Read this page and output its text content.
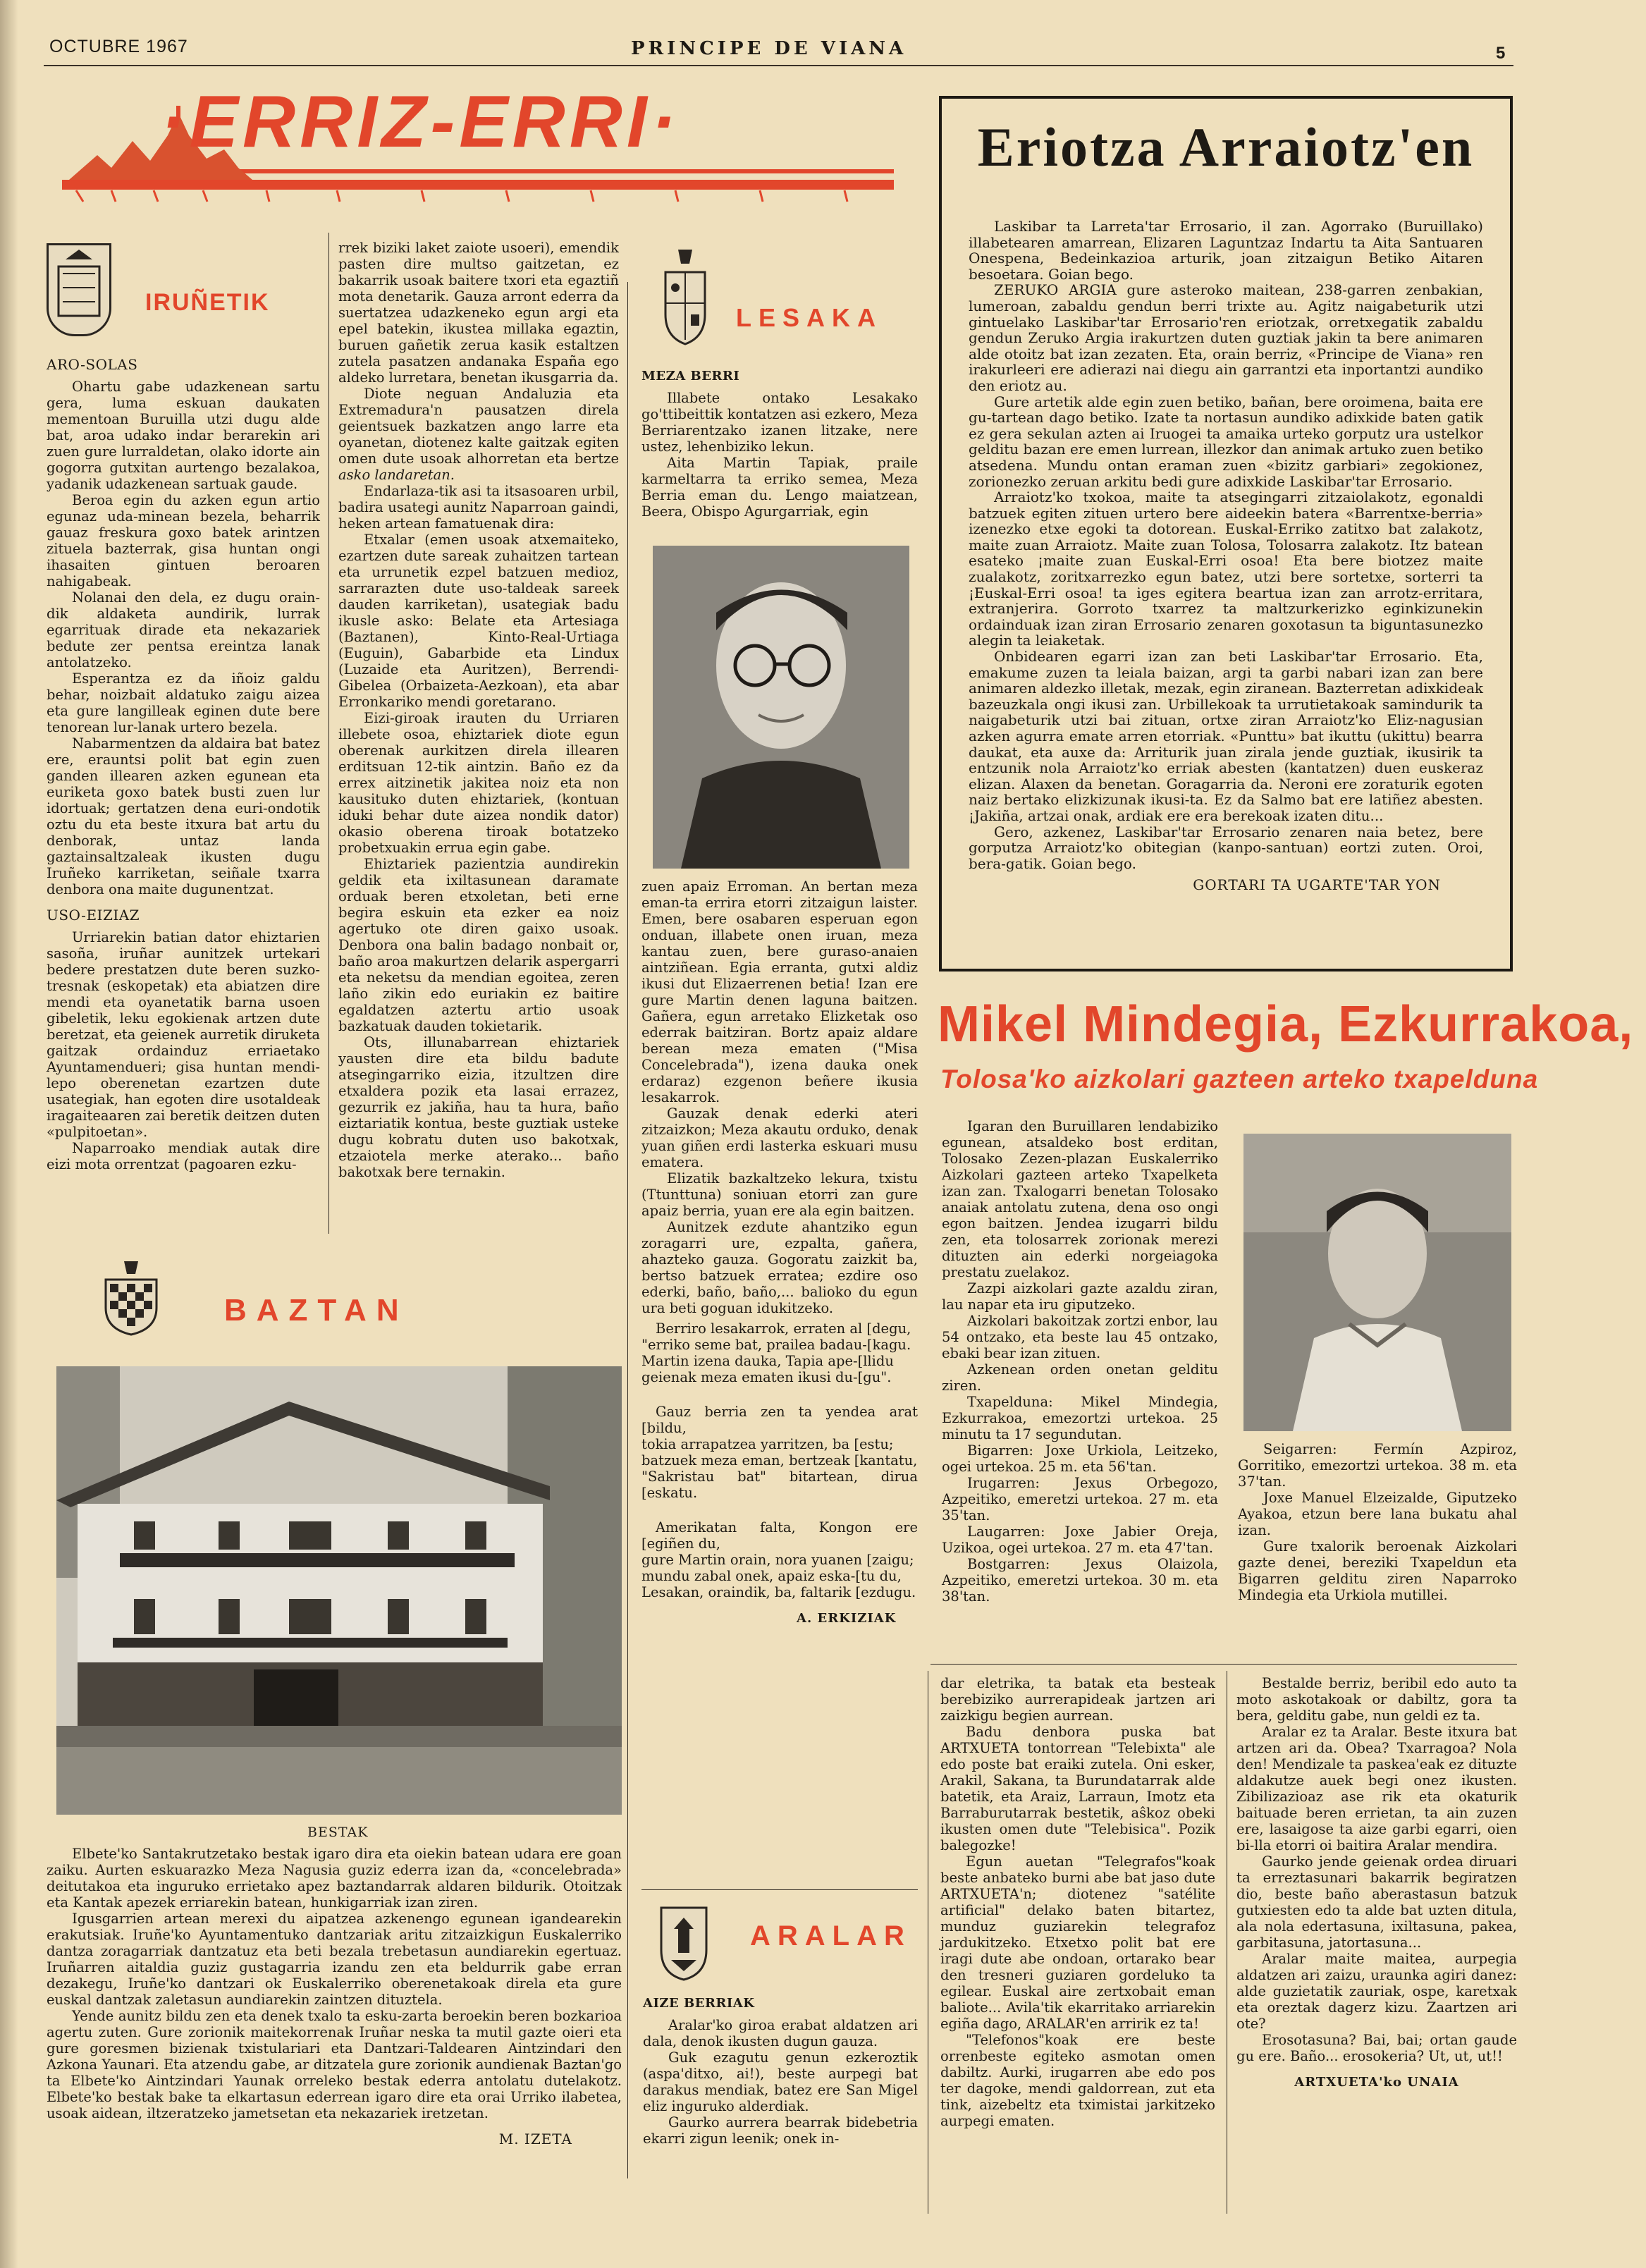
OCTUBRE 1967	PRINCIPE DE VIANA	5
·ERRIZ-ERRI·
IRUÑETIK

ARO-SOLAS

Ohartu gabe udazkenean sartu gera, luma eskuan daukaten mementoan Buruilla utzi dugu alde bat, aroa udako indar berarekin ari zuen gure lurraldetan, olako idorte ain gogorra gutxitan aurtengo bezalakoa, yadanik udazkenean sartuak gaude.

Beroa egin du azken egun artio egunaz uda-minean bezela, beharrik gauaz freskura goxo batek arintzen zituela bazterrak, gisa huntan ongi ihasaiten gintuen beroaren nahigabeak.

Nolanai den dela, ez dugu orain-dik aldaketa aundirik, lurrak egarrituak dirade eta nekazariek bedute zer pentsa ereintza lanak antolatzeko.

Esperantza ez da iñoiz galdu behar, noizbait aldatuko zaigu aizea eta gure langilleak eginen dute bere tenorean lur-lanak urtero bezela.

Nabarmentzen da aldaira bat batez ere, erauntsi polit bat egin zuen ganden illearen azken egunean eta euriketa goxo batek busti zuen lur idortuak; gertatzen dena euri-ondotik oztu du eta beste itxura bat artu du denborak, untaz landa gaztainsaltzaleak ikusten dugu Iruñeko karriketan, seiñale txarra denbora ona maite dugunentzat.

USO-EIZIAZ

Urriarekin batian dator ehiztarien sasoña, iruñar aunitzek urtekari bedere prestatzen dute beren suzko-tresnak (eskopetak) eta abiatzen dire mendi eta oyanetatik barna usoen gibeletik, leku egokienak artzen dute beretzat, eta geienek aurretik diruketa gaitzak ordainduz erriaetako Ayuntamendueri; gisa huntan mendi-lepo oberenetan ezartzen dute usategiak, han egoten dire usotaldeak iragaiteaaren zai beretik deitzen duten «pulpitoetan».

Naparroako mendiak autak dire eizi mota orrentzat (pagoaren ezku-

rrek biziki laket zaiote usoeri), emendik pasten dire multso gaitzetan, ez bakarrik usoak baitere txori eta egaztiñ mota denetarik. Gauza arront ederra da suertatzea udazkeneko egun argi eta epel batekin, ikustea millaka egaztin, buruen gañetik zerua kasik estaltzen zutela pasatzen andanaka España ego aldeko lurretara, benetan ikusgarria da.

Diote neguan Andaluzia eta Extremadura'n pausatzen direla geientsuek bazkatzen ango larre eta oyanetan, diotenez kalte gaitzak egiten omen dute usoak alhorretan eta bertze asko landaretan.

Endarlaza-tik asi ta itsasoaren urbil, badira usategi aunitz Naparroan gaindi, heken artean famatuenak dira:

Etxalar (emen usoak atxemaiteko, ezartzen dute sareak zuhaitzen tartean eta urrunetik ezpel batzuen medioz, sarrarazten dute uso-taldeak sareek dauden karriketan), usategiak badu ikusle asko: Belate eta Artesiaga (Baztanen), Kinto-Real-Urtiaga (Euguin), Gabarbide eta Lindux (Luzaide eta Auritzen), Berrendi-Gibelea (Orbaizeta-Aezkoan), eta abar Erronkariko mendi goretarano.

Eizi-giroak irauten du Urriaren illebete osoa, ehiztariek diote egun oberenak aurkitzen direla illearen erditsuan 12-tik aintzin. Baño ez da errex aitzinetik jakitea noiz eta non kausituko duten ehiztariek, (kontuan iduki behar dute aizea nondik dator) okasio oberena tiroak botatzeko probetxuakin errua egin gabe.

Ehiztariek pazientzia aundirekin geldik eta ixiltasunean daramate orduak beren etxoletan, beti erne begira eskuin eta ezker ea noiz agertuko ote diren gaixo usoak. Denbora ona balin badago nonbait or, baño aroa makurtzen delarik aspergarri eta neketsu da mendian egoitea, zeren laño zikin edo euriakin ez baitire egaldatzen aztertu artio usoak bazkatuak dauden tokietarik.

Ots, illunabarrean ehiztariek yausten dire eta bildu badute atsegingarriko eizia, itzultzen dire etxaldera pozik eta lasai errazez, gezurrik ez jakiña, hau ta hura, baño eiztariatik kontua, beste guztiak usteke dugu kobratu duten uso bakotxak, etzaiotela merke aterako... baño bakotxak bere ternakin.

BAZTAN
BESTAK

Elbete'ko Santakrutzetako bestak igaro dira eta oiekin batean udara ere goan zaiku. Aurten eskuarazko Meza Nagusia guziz ederra izan da, «concelebrada» deitutakoa eta inguruko errietako apez baztandarrak aldaren bildurik. Otoitzak eta Kantak apezek erriarekin batean, hunkigarriak izan ziren.

Igusgarrien artean merexi du aipatzea azkenengo egunean igandearekin erakutsiak. Iruñe'ko Ayuntamentuko dantzariak aritu zitzaizkigun Euskalerriko dantza zoragarriak dantzatuz eta beti bezala trebetasun aundiarekin egertuaz. Iruñarren aitaldia guziz gustagarria izandu zen eta beldurrik gabe erran dezakegu, Iruñe'ko dantzari ok Euskalerriko oberenetakoak direla eta gure euskal dantzak zaletasun aundiarekin zaintzen dituztela.

Yende aunitz bildu zen eta denek txalo ta esku-zarta beroekin beren bozkarioa agertu zuten. Gure zorionik maitekorrenak Iruñar neska ta mutil gazte oieri eta gure goresmen bizienak txistulariari eta Dantzari-Taldearen Aintzindari den Azkona Yaunari. Eta atzendu gabe, ar ditzatela gure zorionik aundienak Baztan'go ta Elbete'ko Aintzindari Yaunak orreleko bestak ederra antolatu dutelakotz. Elbete'ko bestak bake ta elkartasun ederrean igaro dire eta orai Urriko ilabetea, usoak aidean, iltzeratzeko jametsetan eta nekazariek iretzetan.

M. IZETA

LESAKA

MEZA BERRI

Illabete ontako Lesakako go'ttibeittik kontatzen asi ezkero, Meza Berriarentzako izanen litzake, nere ustez, lehenbiziko lekun.

Aita Martin Tapiak, praile karmeltarra ta erriko semea, Meza Berria eman du. Lengo maiatzean, Beera, Obispo Agurgarriak, egin

zuen apaiz Erroman. An bertan meza eman-ta errira etorri zitzaigun laister. Emen, bere osabaren esperuan egon onduan, illabete onen iruan, meza kantau zuen, bere guraso-anaien aintziñean. Egia erranta, gutxi aldiz ikusi dut Elizaerrenen betia! Izan ere gure Martin denen laguna baitzen. Gañera, egun arretako Elizketak oso ederrak baitziran. Bortz apaiz aldare berean meza ematen ("Misa Concelebrada"), izena dauka onek erdaraz) ezgenon beñere ikusia lesakarrok.

Gauzak denak ederki ateri zitzaizkon; Meza akautu orduko, denak yuan giñen erdi lasterka eskuari musu ematera.

Elizatik bazkaltzeko lekura, txistu (Ttunttuna) soniuan etorri zan gure apaiz berria, yuan ere ala egin baitzen.

Aunitzek ezdute ahantziko egun zoragarri ure, ezpalta, gañera, ahazteko gauza. Gogoratu zaizkit ba, bertso batzuek erratea; ezdire oso ederki, baño, baño,... balioko du egun ura beti goguan idukitzeko.

Berriro lesakarrok, erraten al [degu,

"erriko seme bat, prailea badau-[kagu.

Martin izena dauka, Tapia ape-[llidu

geienak meza ematen ikusi du-[gu".

Gauz berria zen ta yendea arat [bildu,

tokia arrapatzea yarritzen, ba [estu;

batzuek meza eman, bertzeak [kantatu,

"Sakristau bat" bitartean, dirua [eskatu.

Amerikatan falta, Kongon ere [egiñen du,

gure Martin orain, nora yuanen [zaigu;

mundu zabal onek, apaiz eska-[tu du,

Lesakan, oraindik, ba, faltarik [ezdugu.

A. ERKIZIAK

ARALAR

AIZE BERRIAK

Aralar'ko giroa erabat aldatzen ari dala, denok ikusten dugun gauza.

Guk ezagutu genun ezkeroztik (aspa'ditxo, ai!), beste aurpegi bat darakus mendiak, batez ere San Migel eliz inguruko alderdiak.

Gaurko aurrera bearrak bidebetria ekarri zigun leenik; onek in-

dar eletrika, ta batak eta besteak berebiziko aurrerapideak jartzen ari zaizkigu begien aurrean.

Badu denbora puska bat ARTXUETA tontorrean "Telebixta" ale edo poste bat eraiki zutela. Oni esker, Arakil, Sakana, ta Burundatarrak alde batetik, eta Araiz, Larraun, Imotz eta Barraburutarrak bestetik, aŝkoz obeki ikusten omen dute "Telebisica". Pozik balegozke!

Egun auetan "Telegrafos"koak beste anbateko burni abe bat jaso dute ARTXUETA'n; diotenez "satélite artificial" delako baten bitartez, munduz guziarekin telegrafoz jardukitzeko. Etxetxo polit bat ere iragi dute abe ondoan, ortarako bear den tresneri guziaren gordeluko ta egilear. Euskal aire zertxobait eman baliote... Avila'tik ekarritako arriarekin egiña dago, ARALAR'en arririk ez ta!

"Telefonos"koak ere beste orrenbeste egiteko asmotan omen dabiltz. Aurki, irugarren abe edo pos ter dagoke, mendi galdorrean, zut eta tink, aizebeltz eta tximistai jarkitzeko aurpegi ematen.

Bestalde berriz, beribil edo auto ta moto askotakoak or dabiltz, gora ta bera, gelditu gabe, nun geldi ez ta.

Aralar ez ta Aralar. Beste itxura bat artzen ari da. Obea? Txarragoa? Nola den! Mendizale ta paskea'eak ez dituzte aldakutze auek begi onez ikusten. Zibilizazioaz ase rik eta okaturik baituade beren errietan, ta ain zuzen ere, lasaigose ta aize garbi egarri, oien bi-lla etorri oi baitira Aralar mendira.

Gaurko jende geienak ordea diruari ta erreztasunari bakarrik begiratzen dio, beste baño aberastasun batzuk gutxiesten edo ta alde bat uzten ditula, ala nola edertasuna, ixiltasuna, pakea, garbitasuna, jatortasuna...

Aralar maite maitea, aurpegia aldatzen ari zaizu, uraunka agiri danez: alde guzietatik zauriak, ospe, karetxak eta oreztak dagerz kizu. Zaartzen ari ote?

Erosotasuna? Bai, bai; ortan gaude gu ere. Baño... erosokeria? Ut, ut, ut!!

ARTXUETA'ko UNAIA

Eriotza Arraiotz'en

Laskibar ta Larreta'tar Errosario, il zan. Agorrako (Buruillako) illabetearen amarrean, Elizaren Laguntzaz Indartu ta Aita Santuaren Onespena, Bedeinkazioa arturik, joan zitzaigun Betiko Aitaren besoetara. Goian bego.

ZERUKO ARGIA gure asteroko maitean, 238-garren zenbakian, lumeroan, zabaldu gendun berri trixte au. Agitz naigabeturik utzi gintuelako Laskibar'tar Errosario'ren eriotzak, orretxegatik zabaldu gendun Zeruko Argia irakurtzen duten guztiak jakin ta bere animaren alde otoitz bat izan zezaten. Eta, orain berriz, «Principe de Viana» ren irakurleeri ere adierazi nai diegu ain garrantzi eta inportantzi aundiko den eriotz au.

Gure artetik alde egin zuen betiko, bañan, bere oroimena, baita ere gu-tartean dago betiko. Izate ta nortasun aundiko adixkide baten gatik ez gera sekulan azten ai Iruogei ta amaika urteko gorputz ura ustelkor gelditu bazan ere emen lurrean, illezkor dan animak artuko zuen betiko atsedena. Mundu ontan eraman zuen «bizitz garbiari» zegokionez, zorionezko zeruan arkitu bedi gure adixkide Laskibar'tar Errosario.

Arraiotz'ko txokoa, maite ta atsegingarri zitzaiolakotz, egonaldi batzuek egiten zituen urtero bere aideekin batera «Barrentxe-berria» izenezko etxe egoki ta dotorean. Euskal-Erriko zatitxo bat zalakotz, maite zuan Arraiotz. Maite zuan Tolosa, Tolosarra zalakotz. Itz batean esateko ¡maite zuan Euskal-Erri osoa! Eta bere biotzez maite zualakotz, zoritxarrezko egun batez, utzi bere sortetxe, sorterri ta ¡Euskal-Erri osoa! ta iges egitera beartua izan zan arrotz-erritara, extranjerira. Gorroto txarrez ta maltzurkerizko eginkizunekin ordainduak izan ziran Errosario zenaren goxotasun ta biguntasunezko alegin ta leiaketak.

Onbidearen egarri izan zan beti Laskibar'tar Errosario. Eta, emakume zuzen ta leiala baizan, argi ta garbi nabari izan zan bere animaren aldezko illetak, mezak, egin ziranean. Bazterretan adixkideak bazeuzkala ongi ikusi zan. Urbillekoak ta urrutietakoak samindurik ta naigabeturik utzi bai zituan, ortxe ziran Arraiotz'ko Eliz-nagusian azken agurra emate arren etorriak. «Punttu» bat ikuttu (ukittu) bearra daukat, eta auxe da: Arriturik juan zirala jende guztiak, ikusirik ta entzunik nola Arraiotz'ko erriak abesten (kantatzen) duen euskeraz elizan. Alaxen da benetan. Goragarria da. Neroni ere zoraturik egoten naiz bertako elizkizunak ikusi-ta. Ez da Salmo bat ere latiñez abesten. ¡Jakiña, artzai onak, ardiak ere era berekoak izaten ditu...

Gero, azkenez, Laskibar'tar Errosario zenaren naia betez, bere gorputza Arraiotz'ko obitegian (kanpo-santuan) eortzi zuten. Oroi, bera-gatik. Goian bego.

GORTARI TA UGARTE'TAR YON

Mikel Mindegia, Ezkurrakoa,
Tolosa'ko aizkolari gazteen arteko txapelduna

Igaran den Buruillaren lendabiziko egunean, atsaldeko bost erditan, Tolosako Zezen-plazan Euskalerriko Aizkolari gazteen arteko Txapelketa izan zan. Txalogarri benetan Tolosako anaiak antolatu zutena, dena oso ongi egon baitzen. Jendea izugarri bildu zen, eta tolosarrek zorionak merezi dituzten ain ederki norgeiagoka prestatu zuelakoz.

Zazpi aizkolari gazte azaldu ziran, lau napar eta iru giputzeko.

Aizkolari bakoitzak zortzi enbor, lau 54 ontzako, eta beste lau 45 ontzako, ebaki bear izan zituen.

Azkenean orden onetan gelditu ziren.

Txapelduna: Mikel Mindegia, Ezkurrakoa, emezortzi urtekoa. 25 minutu ta 17 segundutan.

Bigarren: Joxe Urkiola, Leitzeko, ogei urtekoa. 25 m. eta 56'tan.

Irugarren: Jexus Orbegozo, Azpeitiko, emeretzi urtekoa. 27 m. eta 35'tan.

Laugarren: Joxe Jabier Oreja, Uzikoa, ogei urtekoa. 27 m. eta 47'tan.

Bostgarren: Jexus Olaizola, Azpeitiko, emeretzi urtekoa. 30 m. eta 38'tan.

Seigarren: Fermín Azpiroz, Gorritiko, emezortzi urtekoa. 38 m. eta 37'tan.

Joxe Manuel Elzeizalde, Giputzeko Ayakoa, etzun bere lana bukatu ahal izan.

Gure txalorik beroenak Aizkolari gazte denei, bereziki Txapeldun eta Bigarren gelditu ziren Naparroko Mindegia eta Urkiola mutillei.
